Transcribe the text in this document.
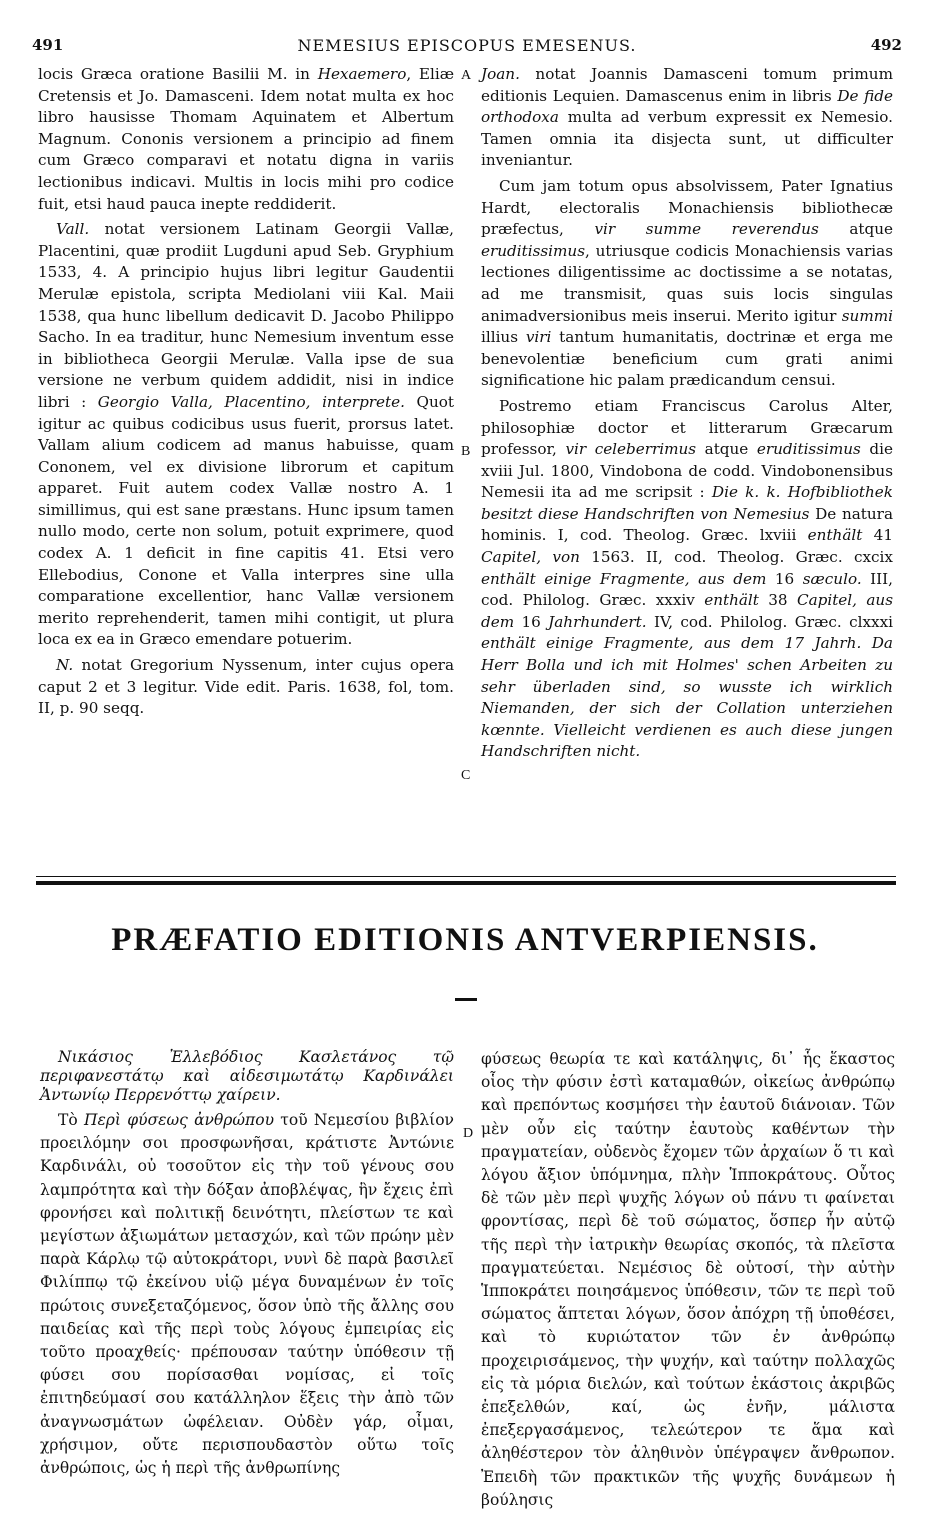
491	NEMESIUS EPISCOPUS EMESENUS.	492

locis Græca oratione Basilii M. in Hexaemero, Eliæ Cretensis et Jo. Damasceni. Idem notat multa ex hoc libro hausisse Thomam Aquinatem et Albertum Magnum. Cononis versionem a principio ad finem cum Græco comparavi et notatu digna in variis lectionibus indicavi. Multis in locis mihi pro codice fuit, etsi haud pauca inepte reddiderit.

Vall. notat versionem Latinam Georgii Vallæ, Placentini, quæ prodiit Lugduni apud Seb. Gryphium 1533, 4. A principio hujus libri legitur Gaudentii Merulæ epistola, scripta Mediolani viii Kal. Maii 1538, qua hunc libellum dedicavit D. Jacobo Philippo Sacho. In ea traditur, hunc Nemesium inventum esse in bibliotheca Georgii Merulæ. Valla ipse de sua versione ne verbum quidem addidit, nisi in indice libri : Georgio Valla, Placentino, interprete. Quot igitur ac quibus codicibus usus fuerit, prorsus latet. Vallam alium codicem ad manus habuisse, quam Cononem, vel ex divisione librorum et capitum apparet. Fuit autem codex Vallæ nostro A. 1 simillimus, qui est sane præstans. Hunc ipsum tamen nullo modo, certe non solum, potuit exprimere, quod codex A. 1 deficit in fine capitis 41. Etsi vero Ellebodius, Conone et Valla interpres sine ulla comparatione excellentior, hanc Vallæ versionem merito reprehenderit, tamen mihi contigit, ut plura loca ex ea in Græco emendare potuerim.

N. notat Gregorium Nyssenum, inter cujus opera caput 2 et 3 legitur. Vide edit. Paris. 1638, fol, tom. II, p. 90 seqq.

Joan. notat Joannis Damasceni tomum primum editionis Lequien. Damascenus enim in libris De fide orthodoxa multa ad verbum expressit ex Nemesio. Tamen omnia ita disjecta sunt, ut difficulter inveniantur.

Cum jam totum opus absolvissem, Pater Ignatius Hardt, electoralis Monachiensis bibliothecæ præfectus, vir summe reverendus atque eruditissimus, utriusque codicis Monachiensis varias lectiones diligentissime ac doctissime a se notatas, ad me transmisit, quas suis locis singulas animadversionibus meis inserui. Merito igitur summi illius viri tantum humanitatis, doctrinæ et erga me benevolentiæ beneficium cum grati animi significatione hic palam prædicandum censui.

Postremo etiam Franciscus Carolus Alter, philosophiæ doctor et litterarum Græcarum professor, vir celeberrimus atque eruditissimus die xviii Jul. 1800, Vindobona de codd. Vindobonensibus Nemesii ita ad me scripsit : Die k. k. Hofbibliothek besitzt diese Handschriften von Nemesius De natura hominis. I, cod. Theolog. Græc. lxviii enthält 41 Capitel, von 1563. II, cod. Theolog. Græc. cxcix enthält einige Fragmente, aus dem 16 sæculo. III, cod. Philolog. Græc. xxxiv enthält 38 Capitel, aus dem 16 Jahrhundert. IV, cod. Philolog. Græc. clxxxi enthält einige Fragmente, aus dem 17 Jahrh. Da Herr Bolla und ich mit Holmes' schen Arbeiten zu sehr überladen sind, so wusste ich wirklich Niemanden, der sich der Collation unterziehen kœnnte. Vielleicht verdienen es auch diese jungen Handschriften nicht.

A
B
C
D
PRÆFATIO EDITIONIS ANTVERPIENSIS.

Νικάσιος Ἐλλεβόδιος Κασλετάνος τῷ περιφανεστάτῳ καὶ αἰδεσιμωτάτῳ Καρδινάλει Ἀντωνίῳ Περρενόττῳ χαίρειν.

Τὸ Περὶ φύσεως ἀνθρώπου τοῦ Νεμεσίου βιβλίον προειλόμην σοι προσφωνῆσαι, κράτιστε Ἀντώνιε Καρδινάλι, οὐ τοσοῦτον εἰς τὴν τοῦ γένους σου λαμπρότητα καὶ τὴν δόξαν ἀποβλέψας, ἣν ἔχεις ἐπὶ φρονήσει καὶ πολιτικῇ δεινότητι, πλείστων τε καὶ μεγίστων ἀξιωμάτων μετασχών, καὶ τῶν πρώην μὲν παρὰ Κάρλῳ τῷ αὐτοκράτορι, νυνὶ δὲ παρὰ βασιλεῖ Φιλίππῳ τῷ ἐκείνου υἱῷ μέγα δυναμένων ἐν τοῖς πρώτοις συνεξεταζόμενος, ὅσον ὑπὸ τῆς ἄλλης σου παιδείας καὶ τῆς περὶ τοὺς λόγους ἐμπειρίας εἰς τοῦτο προαχθείς· πρέπουσαν ταύτην ὑπόθεσιν τῇ φύσει σου πορίσασθαι νομίσας, εἰ τοῖς ἐπιτηδεύμασί σου κατάλληλον ἕξεις τὴν ἀπὸ τῶν ἀναγνωσμάτων ὠφέλειαν. Οὐδὲν γάρ, οἶμαι, χρήσιμον, οὔτε περισπουδαστὸν οὕτω τοῖς ἀνθρώποις, ὡς ἡ περὶ τῆς ἀνθρωπίνης

φύσεως θεωρία τε καὶ κατάληψις, δι᾿ ἧς ἕκαστος οἷος τὴν φύσιν ἐστὶ καταμαθών, οἰκείως ἀνθρώπῳ καὶ πρεπόντως κοσμήσει τὴν ἑαυτοῦ διάνοιαν. Τῶν μὲν οὖν εἰς ταύτην ἑαυτοὺς καθέντων τὴν πραγματείαν, οὐδενὸς ἔχομεν τῶν ἀρχαίων ὅ τι καὶ λόγου ἄξιον ὑπόμνημα, πλὴν Ἱπποκράτους. Οὗτος δὲ τῶν μὲν περὶ ψυχῆς λόγων οὐ πάνυ τι φαίνεται φροντίσας, περὶ δὲ τοῦ σώματος, ὅσπερ ἦν αὐτῷ τῆς περὶ τὴν ἰατρικὴν θεωρίας σκοπός, τὰ πλεῖστα πραγματεύεται. Νεμέσιος δὲ οὑτοσί, τὴν αὐτὴν Ἱπποκράτει ποιησάμενος ὑπόθεσιν, τῶν τε περὶ τοῦ σώματος ἅπτεται λόγων, ὅσον ἀπόχρη τῇ ὑποθέσει, καὶ τὸ κυριώτατον τῶν ἐν ἀνθρώπῳ προχειρισάμενος, τὴν ψυχήν, καὶ ταύτην πολλαχῶς εἰς τὰ μόρια διελών, καὶ τούτων ἑκάστοις ἀκριβῶς ἐπεξελθών, καί, ὡς ἐνῆν, μάλιστα ἐπεξεργασάμενος, τελεώτερον τε ἅμα καὶ ἀληθέστερον τὸν ἀληθινὸν ὑπέγραψεν ἄνθρωπον. Ἐπειδὴ τῶν πρακτικῶν τῆς ψυχῆς δυνάμεων ἡ βούλησις
